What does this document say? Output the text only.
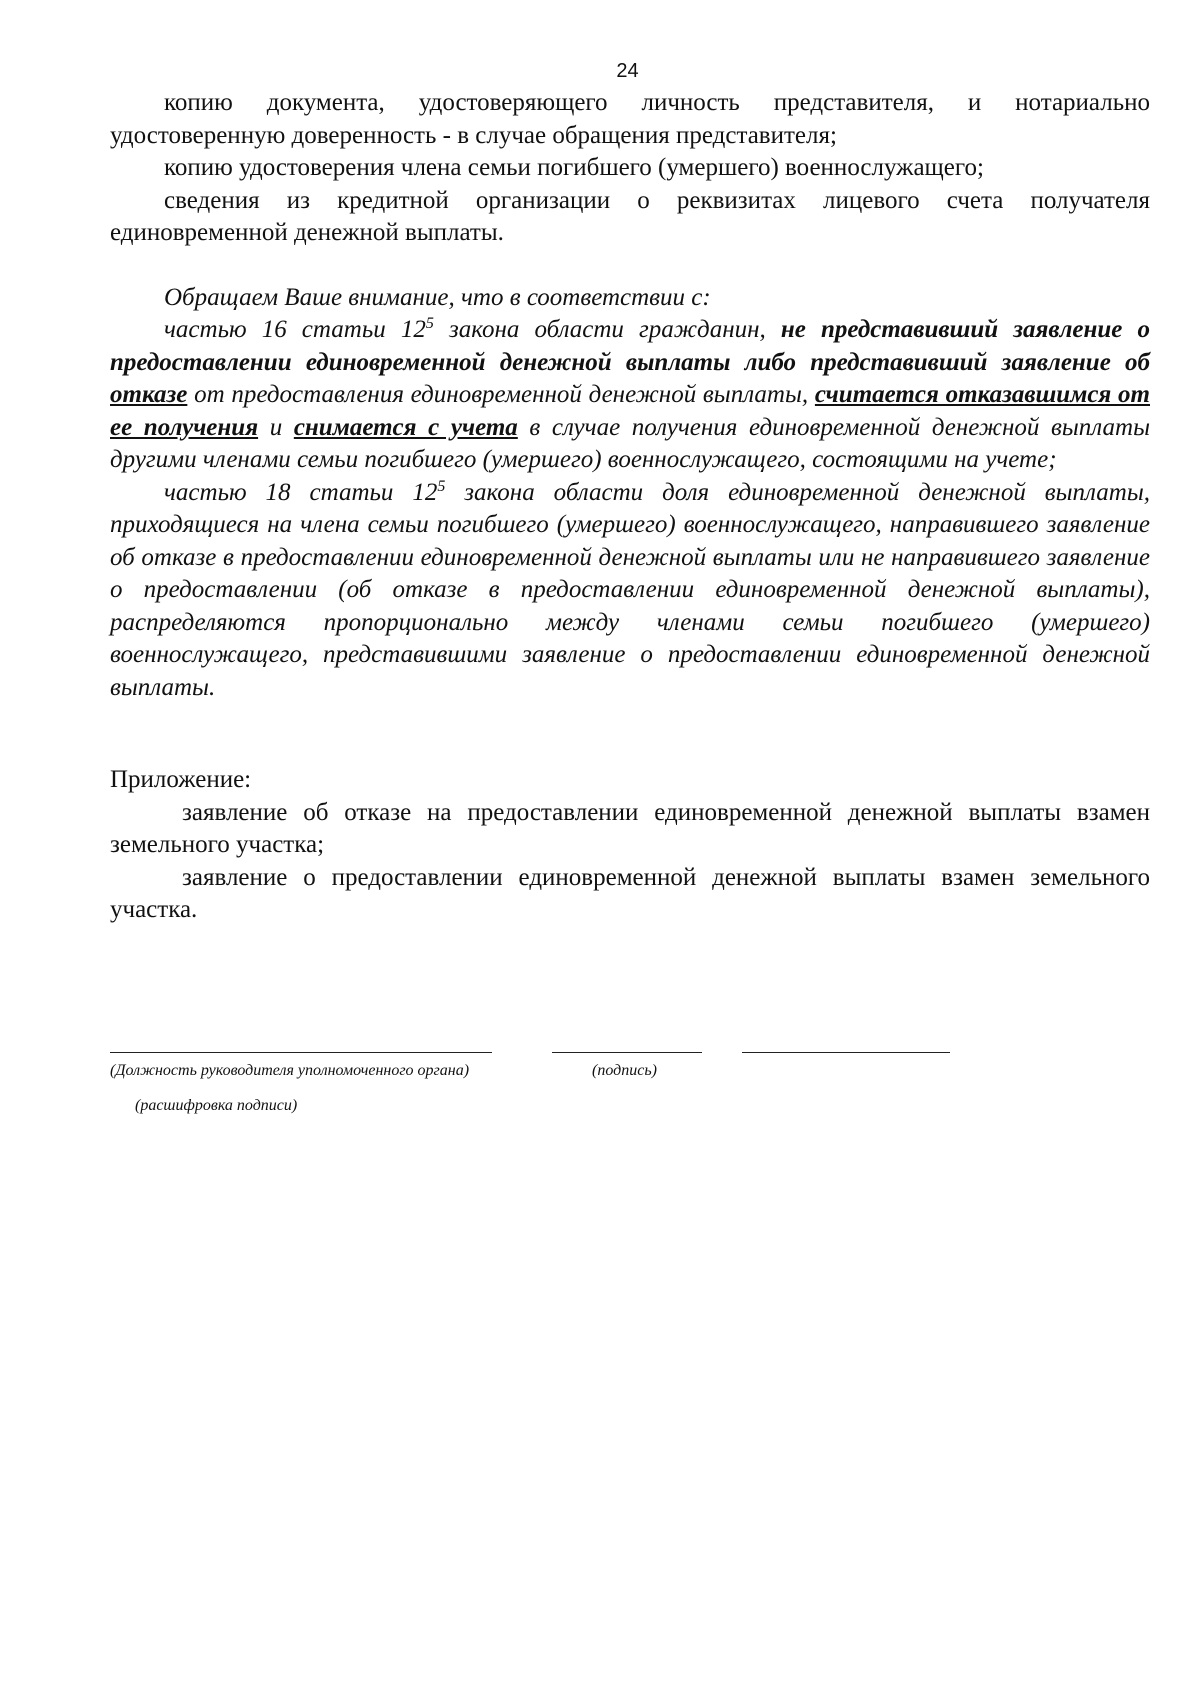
24

копию документа, удостоверяющего личность представителя, и нотариально удостоверенную доверенность - в случае обращения представителя;

копию удостоверения члена семьи погибшего (умершего) военнослужащего;

сведения из кредитной организации о реквизитах лицевого счета получателя единовременной денежной выплаты.

Обращаем Ваше внимание, что в соответствии с:

частью 16 статьи $12^5$ закона области гражданин, не представивший заявление о предоставлении единовременной денежной выплаты либо представивший заявление об отказе от предоставления единовременной денежной выплаты, считается отказавшимся от ее получения и снимается с учета в случае получения единовременной денежной выплаты другими членами семьи погибшего (умершего) военнослужащего, состоящими на учете;

частью 18 статьи $12^5$ закона области доля единовременной денежной выплаты, приходящиеся на члена семьи погибшего (умершего) военнослужащего, направившего заявление об отказе в предоставлении единовременной денежной выплаты или не направившего заявление о предоставлении (об отказе в предоставлении единовременной денежной выплаты), распределяются пропорционально между членами семьи погибшего (умершего) военнослужащего, представившими заявление о предоставлении единовременной денежной выплаты.

Приложение:

заявление об отказе на предоставлении единовременной денежной выплаты взамен земельного участка;

заявление о предоставлении единовременной денежной выплаты взамен земельного участка.

(Должность руководителя уполномоченного органа)	(подпись)
(расшифровка подписи)
